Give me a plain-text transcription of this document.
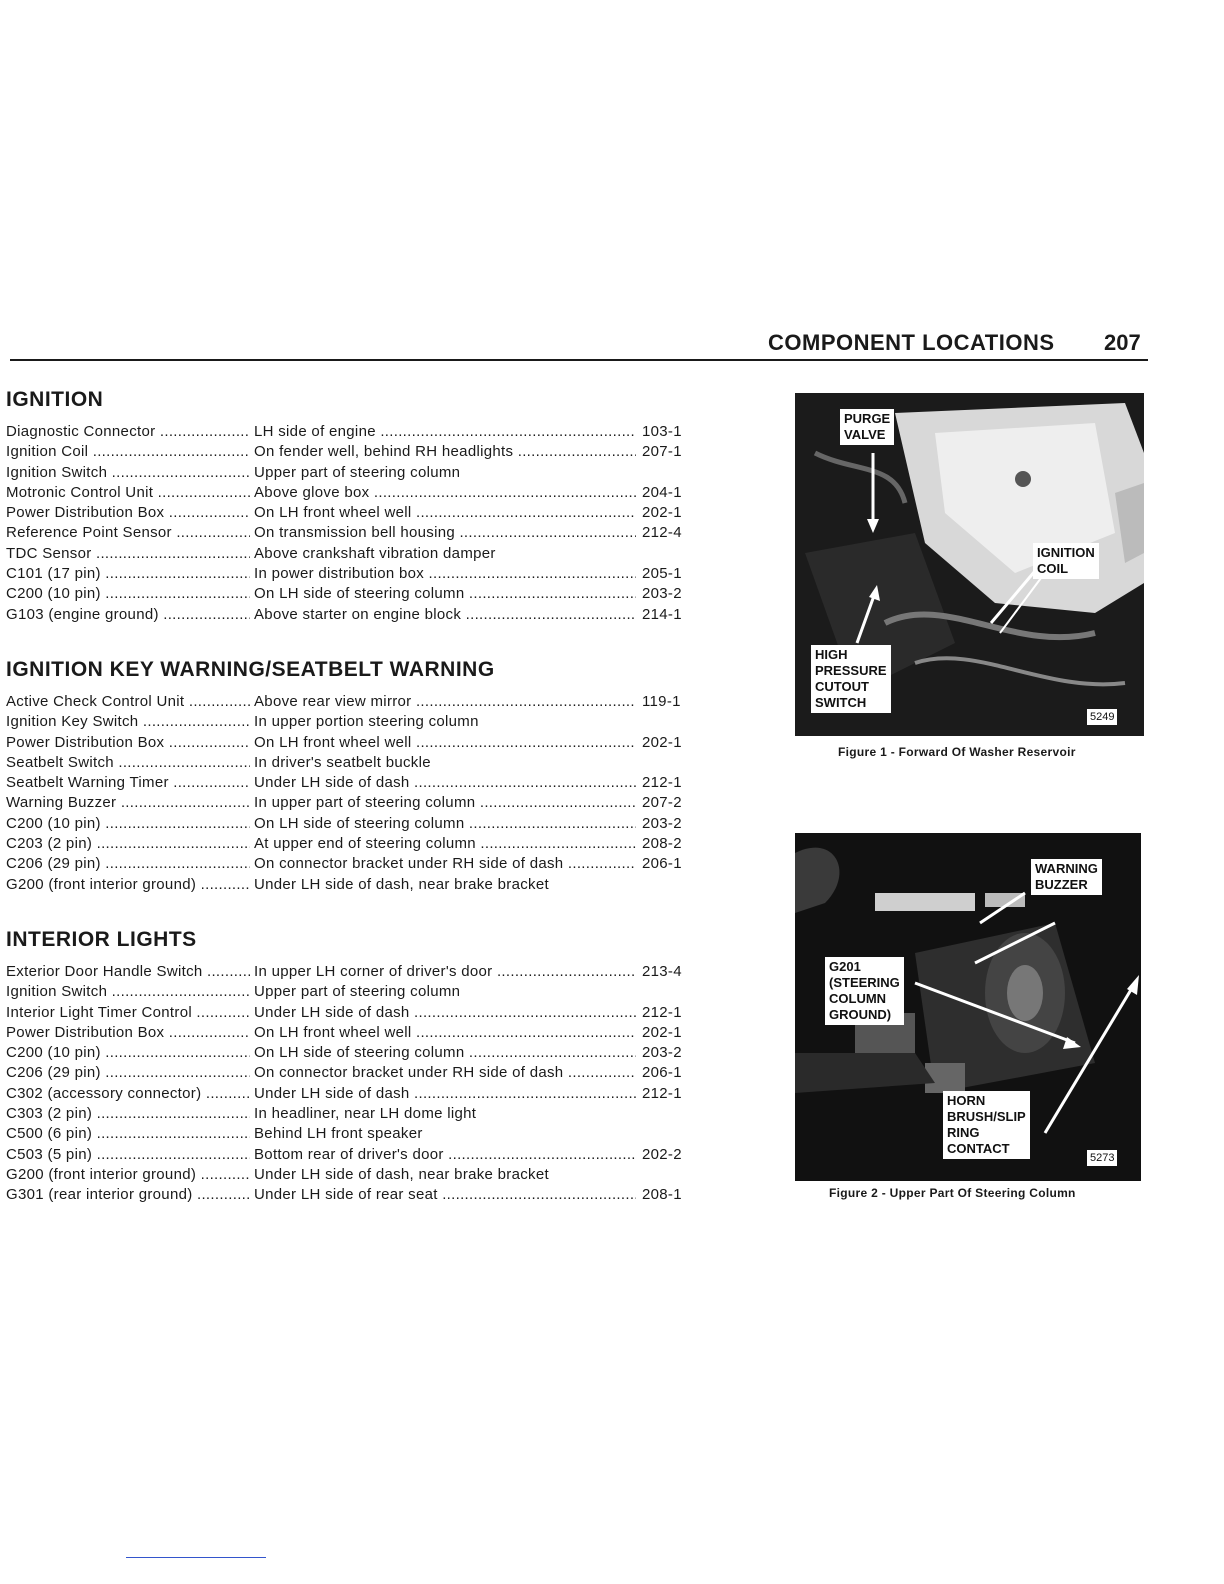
COMPONENT LOCATIONS 207
IGNITION
Diagnostic Connector .....	LH side of engine .....	103-1
Ignition Coil .....	On fender well, behind RH headlights .....	207-1
Ignition Switch .....	Upper part of steering column
Motronic Control Unit .....	Above glove box .....	204-1
Power Distribution Box .....	On LH front wheel well .....	202-1
Reference Point Sensor .....	On transmission bell housing .....	212-4
TDC Sensor .....	Above crankshaft vibration damper
C101 (17 pin) .....	In power distribution box .....	205-1
C200 (10 pin) .....	On LH side of steering column .....	203-2
G103 (engine ground) .....	Above starter on engine block .....	214-1
IGNITION KEY WARNING/SEATBELT WARNING
Active Check Control Unit .....	Above rear view mirror .....	119-1
Ignition Key Switch .....	In upper portion steering column
Power Distribution Box .....	On LH front wheel well .....	202-1
Seatbelt Switch .....	In driver's seatbelt buckle
Seatbelt Warning Timer .....	Under LH side of dash .....	212-1
Warning Buzzer .....	In upper part of steering column .....	207-2
C200 (10 pin) .....	On LH side of steering column .....	203-2
C203 (2 pin) .....	At upper end of steering column .....	208-2
C206 (29 pin) .....	On connector bracket under RH side of dash .....	206-1
G200 (front interior ground) .....	Under LH side of dash, near brake bracket
INTERIOR LIGHTS
Exterior Door Handle Switch .....	In upper LH corner of driver's door .....	213-4
Ignition Switch .....	Upper part of steering column
Interior Light Timer Control .....	Under LH side of dash .....	212-1
Power Distribution Box .....	On LH front wheel well .....	202-1
C200 (10 pin) .....	On LH side of steering column .....	203-2
C206 (29 pin) .....	On connector bracket under RH side of dash .....	206-1
C302 (accessory connector) .....	Under LH side of dash .....	212-1
C303 (2 pin) .....	In headliner, near LH dome light
C500 (6 pin) .....	Behind LH front speaker
C503 (5 pin) .....	Bottom rear of driver's door .....	202-2
G200 (front interior ground) .....	Under LH side of dash, near brake bracket
G301 (rear interior ground) .....	Under LH side of rear seat .....	208-1
PURGE
VALVE
IGNITION
COIL
HIGH
PRESSURE
CUTOUT
SWITCH
5249
Figure 1 - Forward Of Washer Reservoir
WARNING
BUZZER
G201
(STEERING
COLUMN
GROUND)
HORN
BRUSH/SLIP
RING
CONTACT
5273
Figure 2 - Upper Part Of Steering Column
